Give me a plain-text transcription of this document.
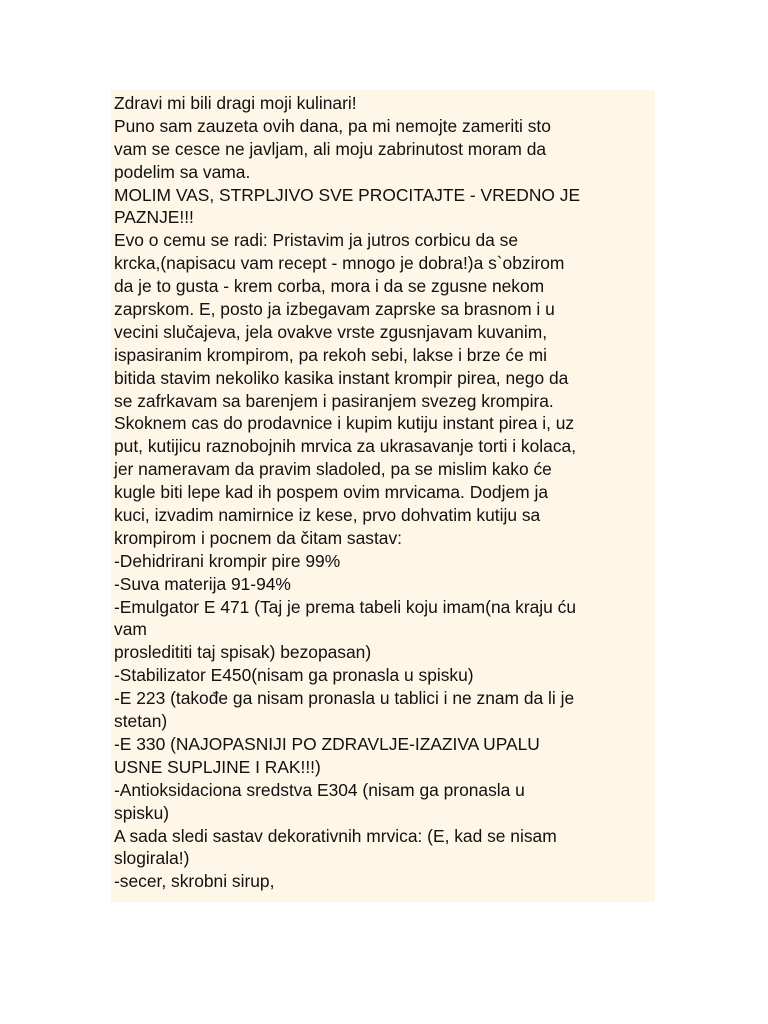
Zdravi mi bili dragi moji kulinari!
Puno sam zauzeta ovih dana, pa mi nemojte zameriti sto
vam se cesce ne javljam, ali moju zabrinutost moram da
podelim sa vama.
MOLIM VAS, STRPLJIVO SVE PROCITAJTE - VREDNO JE
PAZNJE!!!
Evo o cemu se radi: Pristavim ja jutros corbicu da se
krcka,(napisacu vam recept - mnogo je dobra!)a s`obzirom
da je to gusta - krem corba, mora i da se zgusne nekom
zaprskom. E, posto ja izbegavam zaprske sa brasnom i u
vecini slučajeva, jela ovakve vrste zgusnjavam kuvanim,
ispasiranim krompirom, pa rekoh sebi, lakse i brze će mi
bitida stavim nekoliko kasika instant krompir pirea, nego da
se zafrkavam sa barenjem i pasiranjem svezeg krompira.
Skoknem cas do prodavnice i kupim kutiju instant pirea i, uz
put, kutijicu raznobojnih mrvica za ukrasavanje torti i kolaca,
jer nameravam da pravim sladoled, pa se mislim kako će
kugle biti lepe kad ih pospem ovim mrvicama. Dodjem ja
kuci, izvadim namirnice iz kese, prvo dohvatim kutiju sa
krompirom i pocnem da čitam sastav:
-Dehidrirani krompir pire 99%
-Suva materija 91-94%
-Emulgator E 471 (Taj je prema tabeli koju imam(na kraju ću
vam
prosledititi taj spisak) bezopasan)
-Stabilizator E450(nisam ga pronasla u spisku)
-E 223 (takođe ga nisam pronasla u tablici i ne znam da li je
stetan)
-E 330 (NAJOPASNIJI PO ZDRAVLJE-IZAZIVA UPALU
USNE SUPLJINE I RAK!!!)
-Antioksidaciona sredstva E304 (nisam ga pronasla u
spisku)
A sada sledi sastav dekorativnih mrvica: (E, kad se nisam
slogirala!)
-secer, skrobni sirup,
